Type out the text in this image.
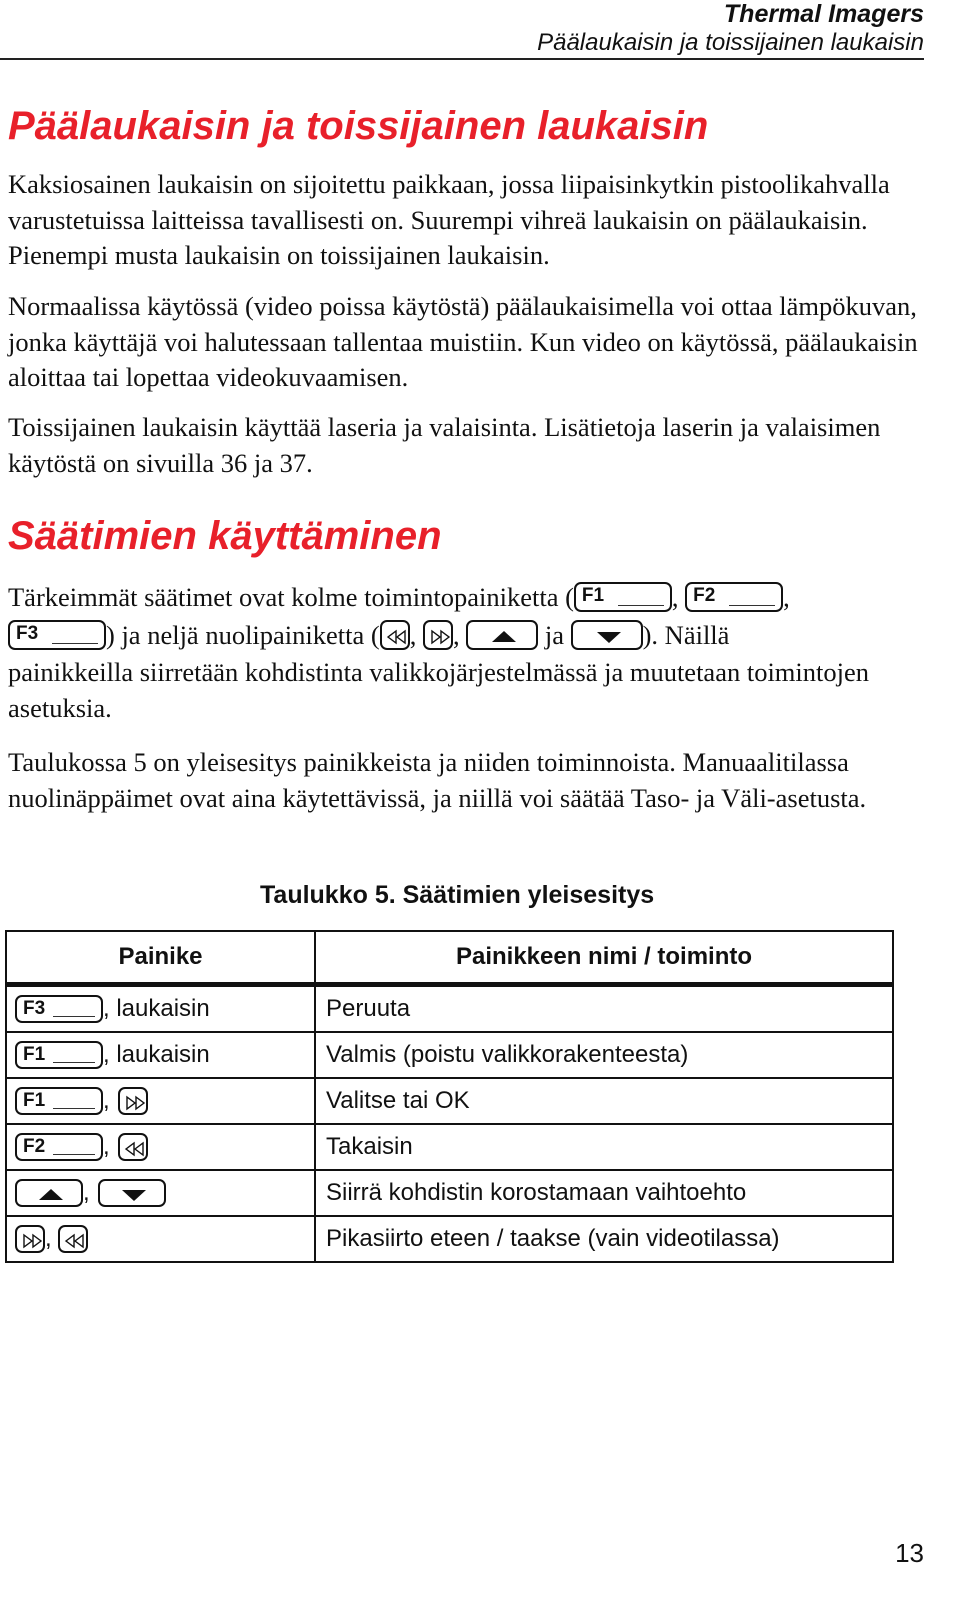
Thermal Imagers
Päälaukaisin ja toissijainen laukaisin
Päälaukaisin ja toissijainen laukaisin

Kaksiosainen laukaisin on sijoitettu paikkaan, jossa liipaisinkytkin pistoolikahvalla varustetuissa laitteissa tavallisesti on. Suurempi vihreä laukaisin on päälaukaisin. Pienempi musta laukaisin on toissijainen laukaisin.

Normaalissa käytössä (video poissa käytöstä) päälaukaisimella voi ottaa lämpökuvan, jonka käyttäjä voi halutessaan tallentaa muistiin. Kun video on käytössä, päälaukaisin aloittaa tai lopettaa videokuvaamisen.

Toissijainen laukaisin käyttää laseria ja valaisinta. Lisätietoja laserin ja valaisimen käytöstä on sivuilla 36 ja 37.

Säätimien käyttäminen
Tärkeimmät säätimet ovat kolme toimintopainiketta ( F1	, F2	,
F3	) ja neljä nuolipainiketta ( , ,
	ja
	). Näillä

painikkeilla siirretään kohdistinta valikkojärjestelmässä ja muutetaan toimintojen asetuksia.

Taulukossa 5 on yleisesitys painikkeista ja niiden toiminnoista. Manuaalitilassa nuolinäppäimet ovat aina käytettävissä, ja niillä voi säätää Taso- ja Väli-asetusta.

Taulukko 5. Säätimien yleisesitys

Painike	Painikkeen nimi / toiminto

F3 , laukaisin	Peruuta

F1 , laukaisin	Valmis (poistu valikkorakenteesta)

F1 ,	Valitse tai OK

F2 ,	Takaisin

,	Siirrä kohdistin korostamaan vaihtoehto

,	Pikasiirto eteen / taakse (vain videotilassa)
13
